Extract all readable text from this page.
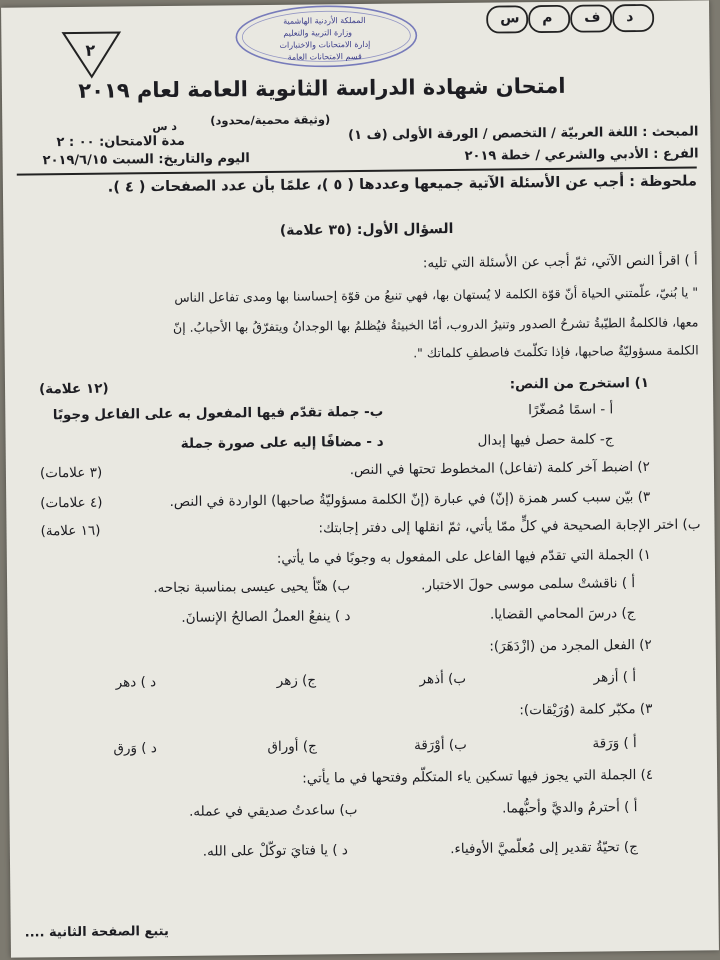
٢
د
ف
م
س
المملكة الأردنية الهاشمية
وزارة التربية والتعليم
إدارة الامتحانات والاختبارات
قسم الامتحانات العامة
امتحان شهادة الدراسة الثانوية العامة لعام ٢٠١٩
(وثيقة محمية/محدود)
المبحث : اللغة العربيّة / التخصص / الورقة الأولى (ف ١)
د س
مدة الامتحان: ٠٠ : ٢
الفرع : الأدبي والشرعي / خطة ٢٠١٩
اليوم والتاريخ: السبت ٢٠١٩/٦/١٥
ملحوظة : أجب عن الأسئلة الآتية جميعها وعددها ( ٥ )، علمًا بأن عدد الصفحات ( ٤ ).
السؤال الأول: (٣٥ علامة)
أ ) اقرأ النص الآتي، ثمّ أجب عن الأسئلة التي تليه:
" يا بُنيّ، علّمتني الحياة أنّ قوّة الكلمة لا يُستهان بها، فهي تنبعُ من قوّة إحساسنا بها ومدى تفاعل الناس
معها، فالكلمةُ الطيّبةُ تشرحُ الصدور وتنيرُ الدروب، أمّا الخبيثةُ فيُظلمُ بها الوجدانُ ويتفرّقُ بها الأحبابُ. إنّ
الكلمة مسؤوليّةُ صاحبها، فإذا تكلّمتَ فاصطفِ كلماتك ".
١) استخرج من النص:
(١٢ علامة)
أ - اسمًا مُصغّرًا
ب- جملة تقدّم فيها المفعول به على الفاعل وجوبًا
ج- كلمة حصل فيها إبدال
د - مضافًا إليه على صورة جملة
٢) اضبط آخر كلمة (تفاعل) المخطوط تحتها في النص.
(٣ علامات)
٣) بيّن سبب كسر همزة (إنّ) في عبارة (إنّ الكلمة مسؤوليّةُ صاحبها) الواردة في النص.
(٤ علامات)
ب) اختر الإجابة الصحيحة في كلٍّ ممّا يأتي، ثمّ انقلها إلى دفتر إجابتك:
(١٦ علامة)
١) الجملة التي تقدّم فيها الفاعل على المفعول به وجوبًا في ما يأتي:
أ ) ناقشتْ سلمى موسى حولَ الاختبار.
ب) هنّأ يحيى عيسى بمناسبة نجاحه.
ج) درسَ المحامي القضايا.
د ) ينفعُ العملُ الصالحُ الإنسانَ.
٢) الفعل المجرد من (ازْدَهَرَ):
أ ) أزهر
ب) أذهر
ج) زهر
د ) دهر
٣) مكبّر كلمة (وُرَيْقات):
أ ) وَرَقة
ب) أوْرَقة
ج) أوراق
د ) وَرق
٤) الجملة التي يجوز فيها تسكين ياء المتكلّم وفتحها في ما يأتي:
أ ) أحترمُ والديَّ وأحبُّهما.
ب) ساعدتُ صديقي في عمله.
ج) تحيّةُ تقدير إلى مُعلّميَّ الأوفياء.
د ) يا فتايَ توكّلْ على الله.
يتبع الصفحة الثانية ....
